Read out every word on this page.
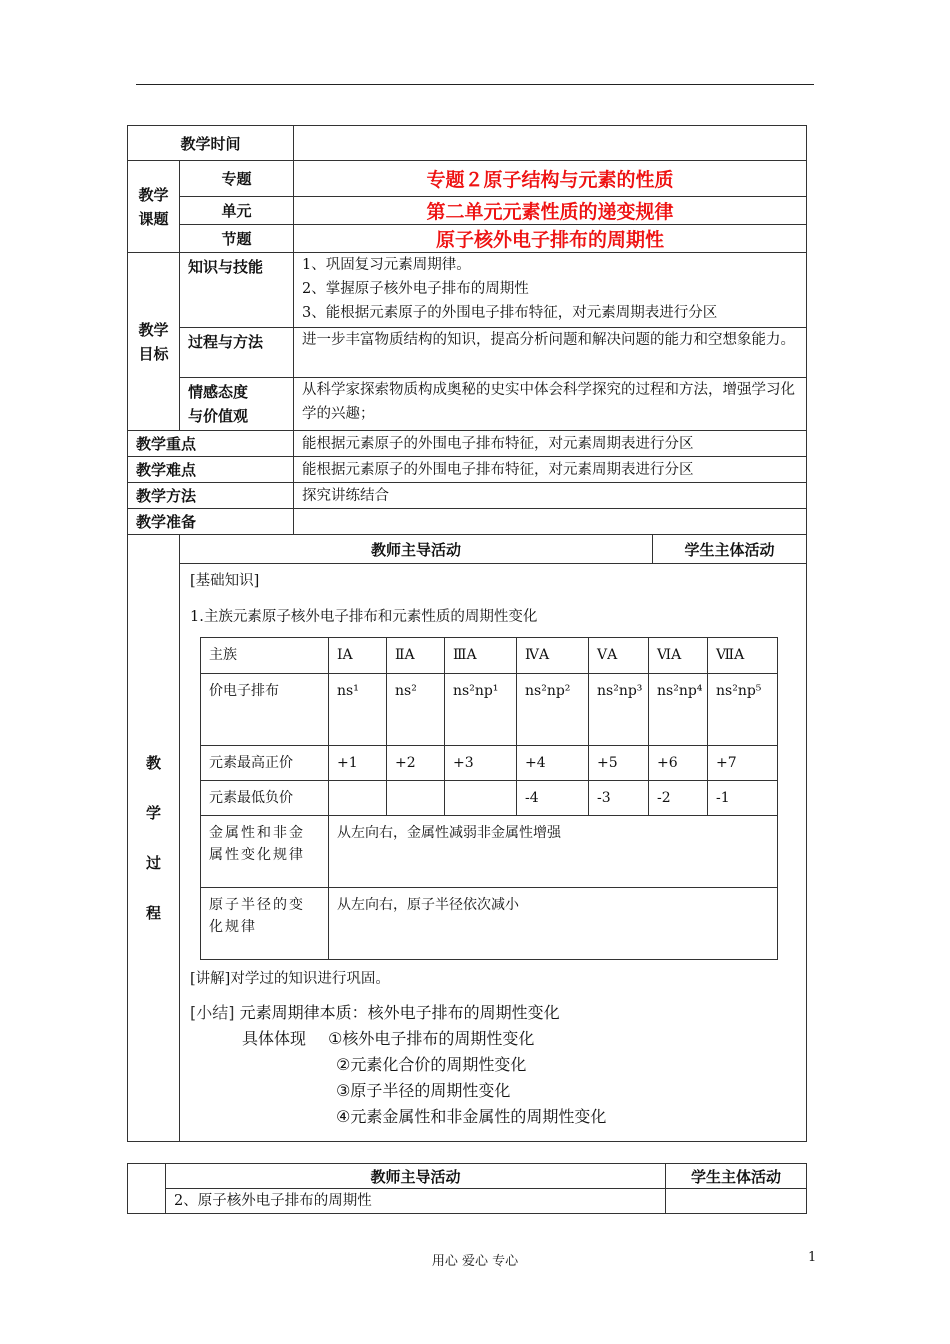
教学时间	
教学课题	专题	专题２原子结构与元素的性质
单元	第二单元元素性质的递变规律
节题	原子核外电子排布的周期性
教学目标	知识与技能	1、巩固复习元素周期律。
2、掌握原子核外电子排布的周期性
3、能根据元素原子的外围电子排布特征，对元素周期表进行分区

过程与方法	进一步丰富物质结构的知识，提高分析问题和解决问题的能力和空想象能力。
情感态度与价值观	从科学家探索物质构成奥秘的史实中体会科学探究的过程和方法，增强学习化学的兴趣；
教学重点	能根据元素原子的外围电子排布特征，对元素周期表进行分区
教学难点	能根据元素原子的外围电子排布特征，对元素周期表进行分区
教学方法	探究讲练结合
教学准备	
教学过程	
教师主导活动	学生主体活动
[基础知识]
1.主族元素原子核外电子排布和元素性质的周期性变化
主族	ⅠA	ⅡA	ⅢA	ⅣA	ⅤA	ⅥA	ⅦA
价电子排布	ns¹	ns²	ns²np¹	ns²np²	ns²np³	ns²np⁴	ns²np⁵
元素最高正价	+1	+2	+3	+4	+5	+6	+7
元素最低负价				-4	-3	-2	-1
金属性和非金属性变化规律	从左向右，金属性减弱非金属性增强
原子半径的变化规律	从左向右，原子半径依次减小
[讲解]对学过的知识进行巩固。
[小结] 元素周期律本质：核外电子排布的周期性变化
具体体现 ①核外电子排布的周期性变化
②元素化合价的周期性变化
③原子半径的周期性变化
④元素金属性和非金属性的周期性变化
	教师主导活动	学生主体活动
	2、原子核外电子排布的周期性	
用心 爱心 专心	1
